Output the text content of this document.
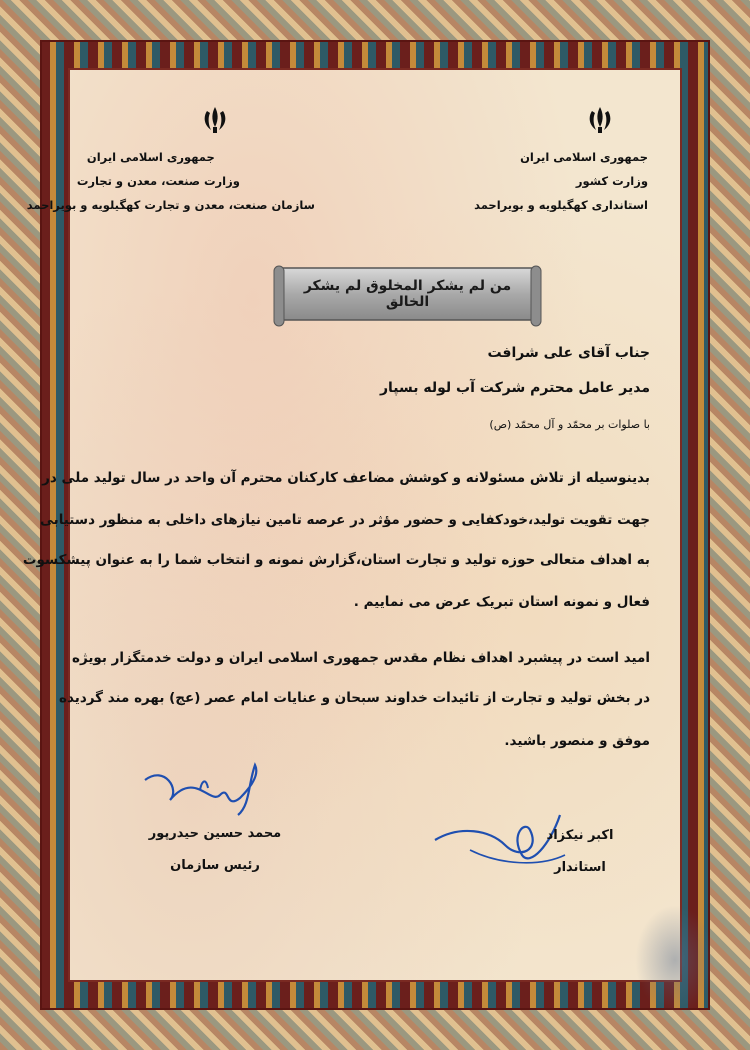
جمهوری اسلامی ایران
وزارت کشور
استانداری کهگیلویه و بویراحمد
جمهوری اسلامی ایران
وزارت صنعت، معدن و تجارت
سازمان صنعت، معدن و تجارت کهگیلویه و بویراحمد
من لم یشکر المخلوق لم یشکر الخالق
جناب آقای علی شرافت
مدیر عامل محترم شرکت آب لوله بسپار
با صلوات بر محمّد و آل محمّد (ص)
بدینوسیله از تلاش مسئولانه و کوشش مضاعف کارکنان محترم آن واحد در سال تولید ملی در
جهت تقویت تولید،خودکفایی و حضور مؤثر در عرصه تامین نیازهای داخلی به منظور دستیابی
به اهداف متعالی حوزه تولید و تجارت استان،گزارش نمونه و انتخاب شما را به عنوان پیشکسوت
فعال و نمونه استان تبریک عرض می نماییم .
امید است در پیشبرد اهداف نظام مقدس جمهوری اسلامی ایران و دولت خدمتگزار بویژه
در بخش تولید و تجارت از تائیدات خداوند سبحان و عنایات امام عصر (عج) بهره مند گردیده
موفق و منصور باشید.
محمد حسین حیدرپور
رئیس سازمان
اکبر نیکزاد
استاندار
